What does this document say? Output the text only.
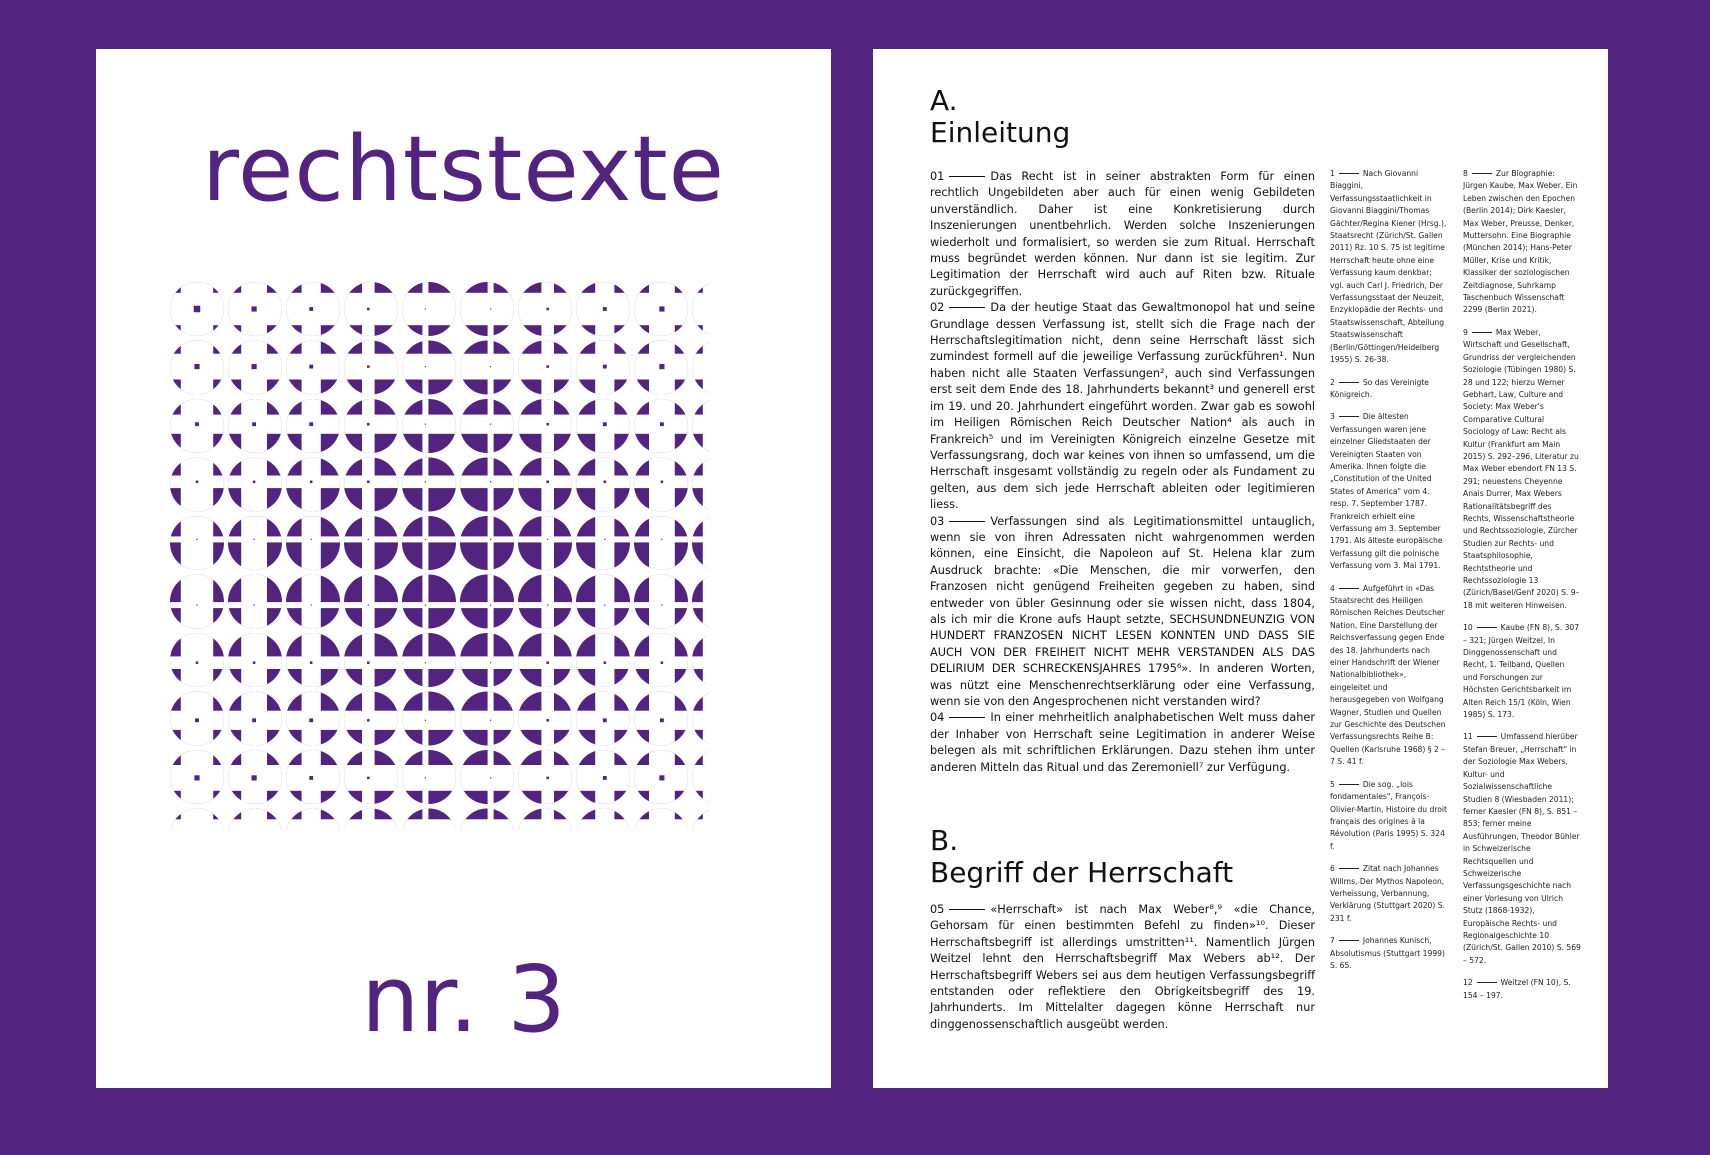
rechtstexte
nr. 3
A.
Einleitung

01	Das Recht ist in seiner abstrakten Form für einen rechtlich Ungebildeten aber auch für einen wenig Gebildeten unverständlich. Daher ist eine Konkretisierung durch Inszenierungen unentbehrlich. Werden solche Inszenierungen wiederholt und formalisiert, so werden sie zum Ritual. Herrschaft muss begründet werden können. Nur dann ist sie legitim. Zur Legitimation der Herrschaft wird auch auf Riten bzw. Rituale zurückgegriffen.

02	Da der heutige Staat das Gewaltmonopol hat und seine Grundlage dessen Verfassung ist, stellt sich die Frage nach der Herrschaftslegitimation nicht, denn seine Herrschaft lässt sich zumindest formell auf die jeweilige Verfassung zurückführen¹. Nun haben nicht alle Staaten Verfassungen², auch sind Verfassungen erst seit dem Ende des 18. Jahrhunderts bekannt³ und generell erst im 19. und 20. Jahrhundert eingeführt worden. Zwar gab es sowohl im Heiligen Römischen Reich Deutscher Nation⁴ als auch in Frankreich⁵ und im Vereinigten Königreich einzelne Gesetze mit Verfassungsrang, doch war keines von ihnen so umfassend, um die Herrschaft insgesamt vollständig zu regeln oder als Fundament zu gelten, aus dem sich jede Herrschaft ableiten oder legitimieren liess.

03	Verfassungen sind als Legitimationsmittel untauglich, wenn sie von ihren Adressaten nicht wahrgenommen werden können, eine Einsicht, die Napoleon auf St. Helena klar zum Ausdruck brachte: «Die Menschen, die mir vorwerfen, den Franzosen nicht genügend Freiheiten gegeben zu haben, sind entweder von übler Gesinnung oder sie wissen nicht, dass 1804, als ich mir die Krone aufs Haupt setzte, SECHSUNDNEUNZIG VON HUNDERT FRANZOSEN NICHT LESEN KONNTEN UND DASS SIE AUCH VON DER FREIHEIT NICHT MEHR VERSTANDEN ALS DAS DELIRIUM DER SCHRECKENSJAHRES 1795⁶». In anderen Worten, was nützt eine Menschenrechtserklärung oder eine Verfassung, wenn sie von den Angesprochenen nicht verstanden wird?

04	In einer mehrheitlich analphabetischen Welt muss daher der Inhaber von Herrschaft seine Legitimation in anderer Weise belegen als mit schriftlichen Erklärungen. Dazu stehen ihm unter anderen Mitteln das Ritual und das Zeremoniell⁷ zur Verfügung.

B.
Begriff der Herrschaft

05	«Herrschaft» ist nach Max Weber⁸,⁹ «die Chance, Gehorsam für einen bestimmten Befehl zu finden»¹⁰. Dieser Herrschaftsbegriff ist allerdings umstritten¹¹. Namentlich Jürgen Weitzel lehnt den Herrschaftsbegriff Max Webers ab¹². Der Herrschaftsbegriff Webers sei aus dem heutigen Verfassungsbegriff entstanden oder reflektiere den Obrigkeitsbegriff des 19. Jahrhunderts. Im Mittelalter dagegen könne Herrschaft nur dinggenossenschaftlich ausgeübt werden.

1	Nach Giovanni Biaggini, Verfassungsstaatlichkeit in Giovanni Biaggini/Thomas Gächter/Regina Kiener (Hrsg.), Staatsrecht (Zürich/St. Gallen 2011) Rz. 10 S. 75 ist legitime Herrschaft heute ohne eine Verfassung kaum denkbar; vgl. auch Carl J. Friedrich, Der Verfassungsstaat der Neuzeit, Enzyklopädie der Rechts- und Staatswissenschaft, Abteilung Staatswissenschaft (Berlin/Göttingen/Heidelberg 1955) S. 26-38.
2	So das Vereinigte Königreich.
3	Die ältesten Verfassungen waren jene einzelner Gliedstaaten der Vereinigten Staaten von Amerika. Ihnen folgte die „Constitution of the United States of America" vom 4. resp. 7. September 1787. Frankreich erhielt eine Verfassung am 3. September 1791. Als älteste europäische Verfassung gilt die polnische Verfassung vom 3. Mai 1791.
4	Aufgeführt in «Das Staatsrecht des Heiligen Römischen Reiches Deutscher Nation, Eine Darstellung der Reichsverfassung gegen Ende des 18. Jahrhunderts nach einer Handschrift der Wiener Nationalbibliothek», eingeleitet und herausgegeben von Wolfgang Wagner, Studien und Quellen zur Geschichte des Deutschen Verfassungsrechts Reihe B: Quellen (Karlsruhe 1968) § 2 – 7 S. 41 f.
5	Die sog. „lois fondamentales", François-Olivier-Martin, Histoire du droit français des origines à la Révolution (Paris 1995) S. 324 f.
6	Zitat nach Johannes Willms, Der Mythos Napoleon, Verheissung, Verbannung, Verklärung (Stuttgart 2020) S. 231 f.
7	Johannes Kunisch, Absolutismus (Stuttgart 1999) S. 65.
8	Zur Biographie: Jürgen Kaube, Max Weber, Ein Leben zwischen den Epochen (Berlin 2014); Dirk Kaesler, Max Weber, Preusse, Denker, Muttersohn. Eine Biographie (München 2014); Hans-Peter Müller, Krise und Kritik, Klassiker der soziologischen Zeitdiagnose, Suhrkamp Taschenbuch Wissenschaft 2299 (Berlin 2021).
9	Max Weber, Wirtschaft und Gesellschaft, Grundriss der vergleichenden Soziologie (Tübingen 1980) S. 28 und 122; hierzu Werner Gebhart, Law, Culture and Society: Max Weber's Comparative Cultural Sociology of Law: Recht als Kultur (Frankfurt am Main 2015) S. 292–296, Literatur zu Max Weber ebendort FN 13 S. 291; neuestens Cheyenne Anais Durrer, Max Webers Rationalitätsbegriff des Rechts, Wissenschaftstheorie und Rechtssoziologie, Zürcher Studien zur Rechts- und Staatsphilosophie, Rechtstheorie und Rechtssoziologie 13 (Zürich/Basel/Genf 2020) S. 9–18 mit weiteren Hinweisen.
10	Kaube (FN 8), S. 307 – 321; Jürgen Weitzel, In Dinggenossenschaft und Recht, 1. Teilband, Quellen und Forschungen zur Höchsten Gerichtsbarkeit im Alten Reich 15/1 (Köln, Wien 1985) S. 173.
11	Umfassend hierüber Stefan Breuer, „Herrschaft" in der Soziologie Max Webers, Kultur- und Sozialwissenschaftliche Studien 8 (Wiesbaden 2011); ferner Kaesler (FN 8), S. 851 – 853; ferner meine Ausführungen, Theodor Bühler in Schweizerische Rechtsquellen und Schweizerische Verfassungsgeschichte nach einer Vorlesung von Ulrich Stutz (1868-1932), Europäische Rechts- und Regionalgeschichte 10 (Zürich/St. Gallen 2010) S. 569 – 572.
12	Weitzel (FN 10), S. 154 – 197.
